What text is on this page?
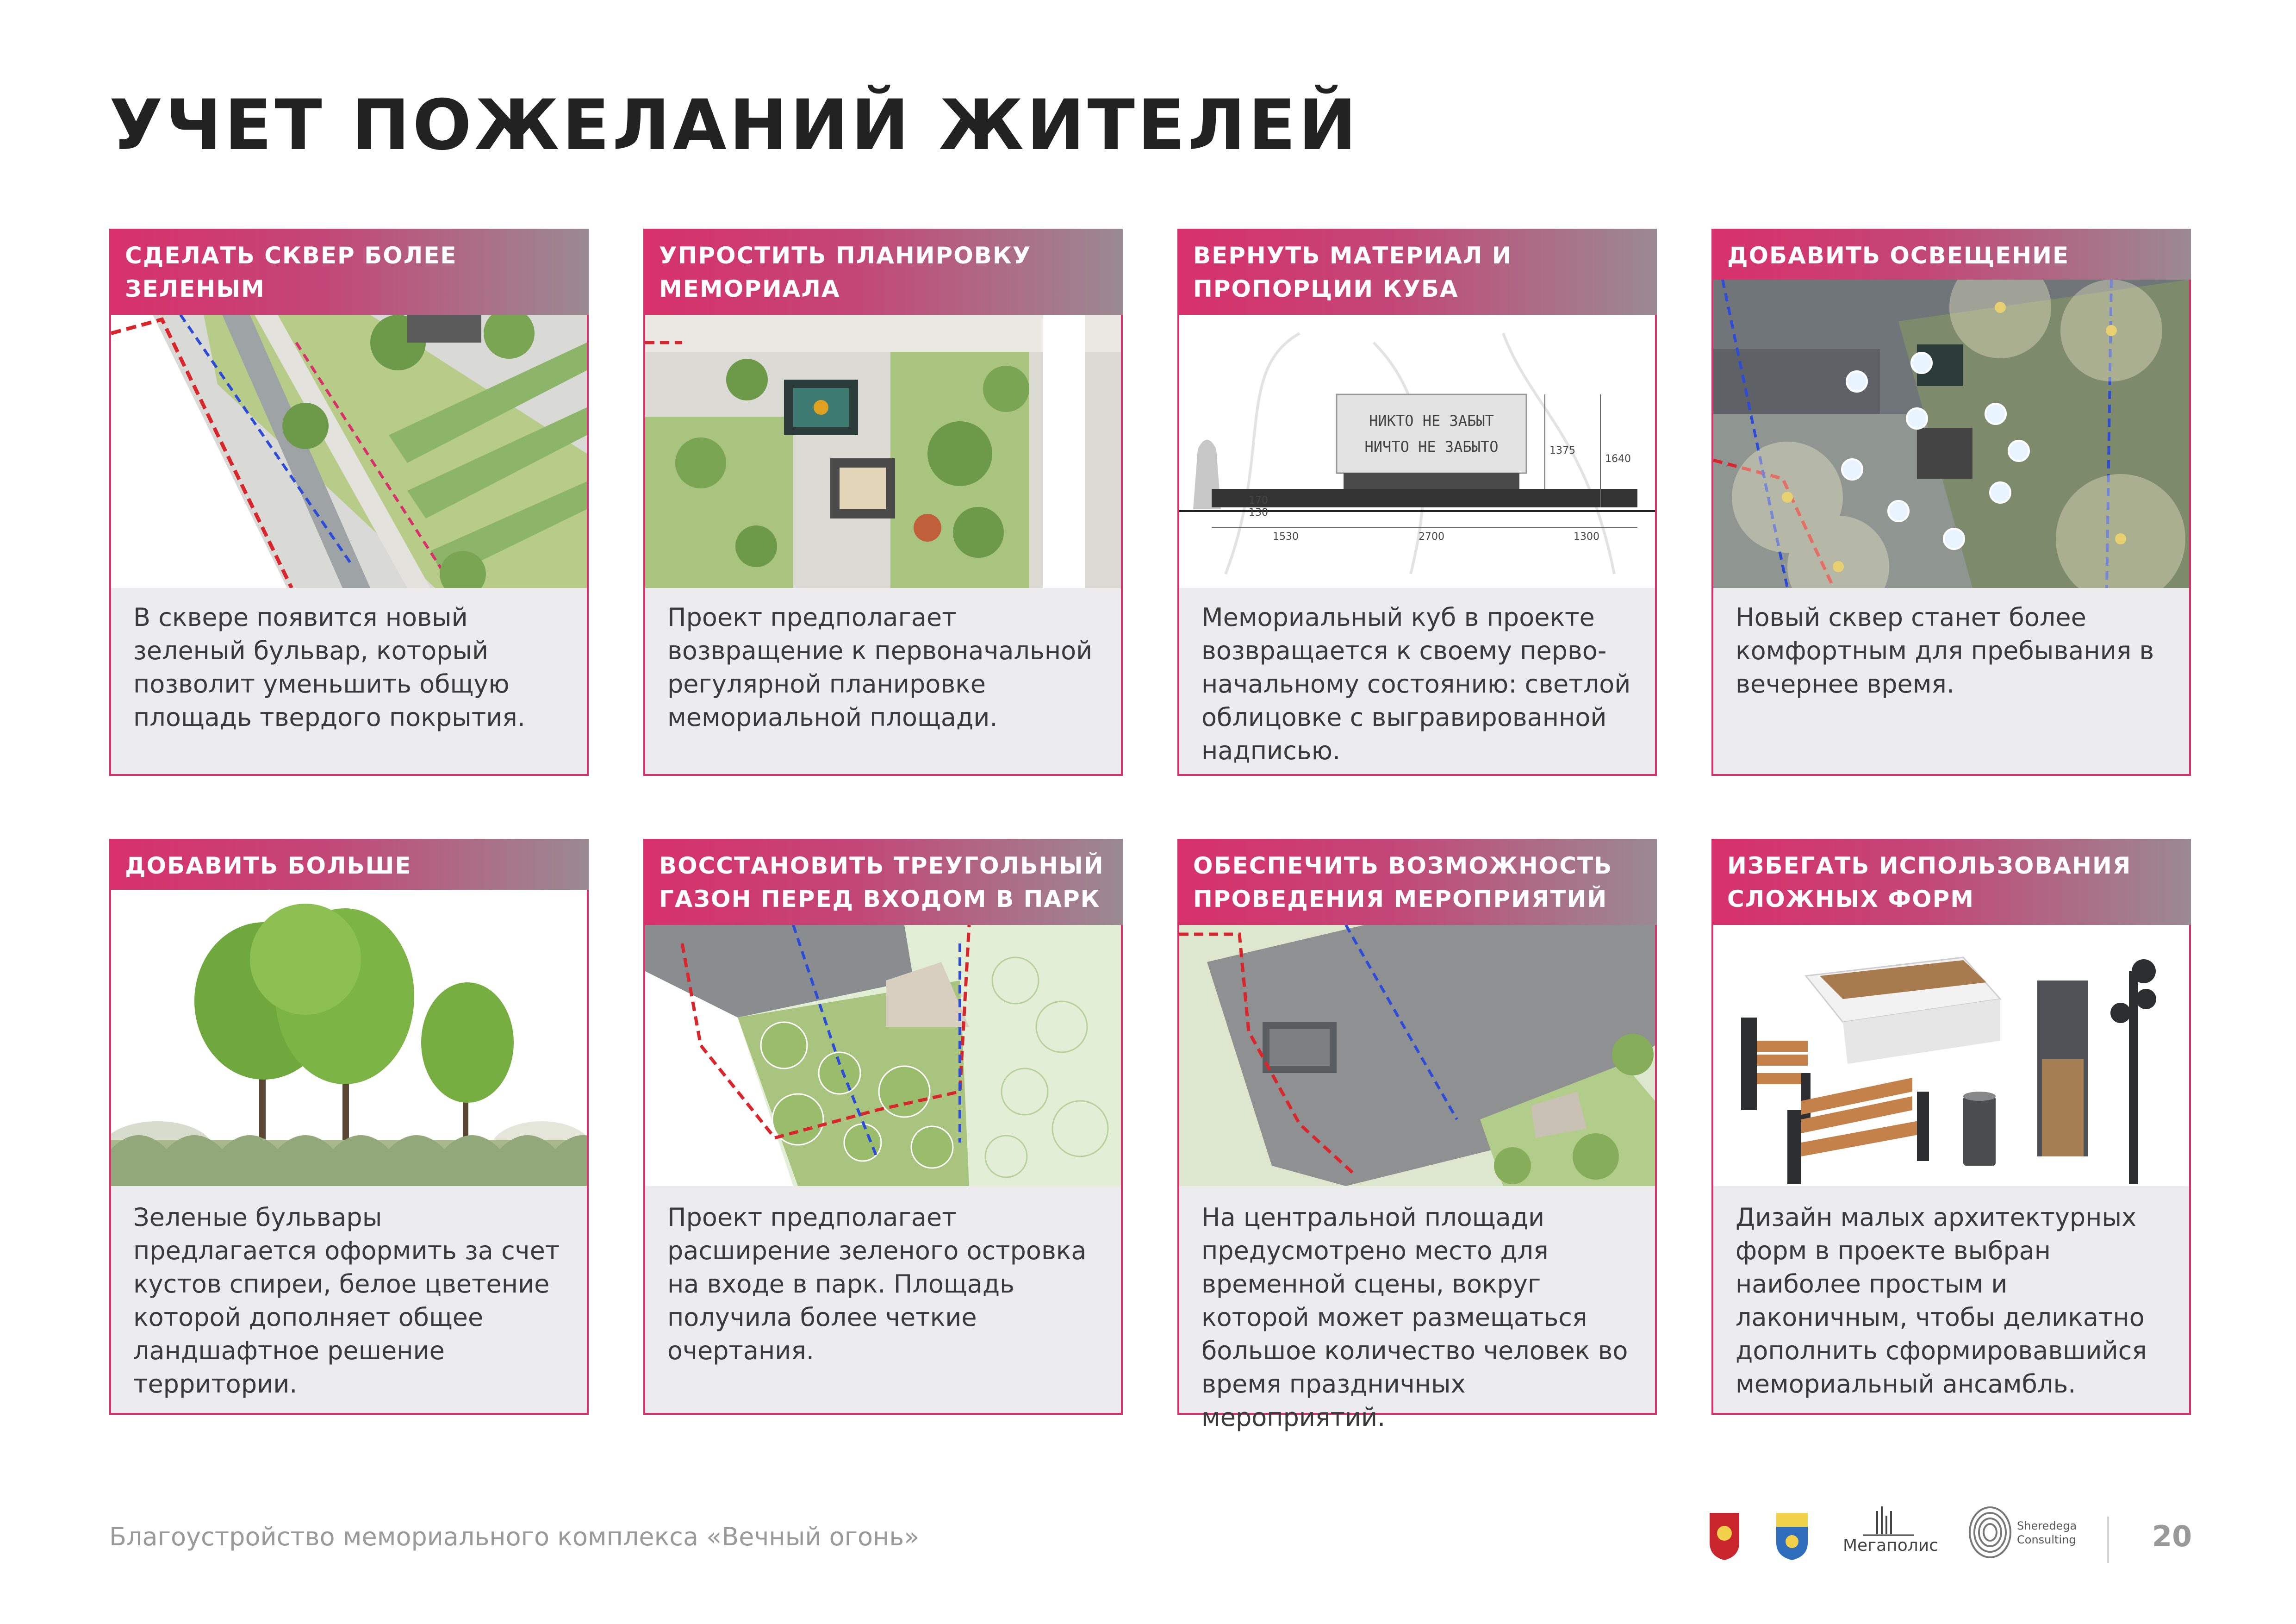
УЧЕТ ПОЖЕЛАНИЙ ЖИТЕЛЕЙ
СДЕЛАТЬ СКВЕР БОЛЕЕ ЗЕЛЕНЫМ
В сквере появится новый зеленый бульвар, который позволит уменьшить общую площадь твердого покрытия.
УПРОСТИТЬ ПЛАНИРОВКУ МЕМОРИАЛА
Проект предполагает возвращение к первоначальной регулярной планировке мемориальной площади.
ВЕРНУТЬ МАТЕРИАЛ И ПРОПОРЦИИ КУБА
НИКТО НЕ ЗАБЫТ
НИЧТО НЕ ЗАБЫТО
1530	2700	1300
1375
1640
170
130
Мемориальный куб в проекте возвращается к своему перво-начальному состоянию: светлой облицовке с выгравированной надписью.
ДОБАВИТЬ ОСВЕЩЕНИЕ
Новый сквер станет более комфортным для пребывания в вечернее время.
ДОБАВИТЬ БОЛЬШЕ
Зеленые бульвары предлагается оформить за счет кустов спиреи, белое цветение которой дополняет общее ландшафтное решение территории.
ВОССТАНОВИТЬ ТРЕУГОЛЬНЫЙ ГАЗОН ПЕРЕД ВХОДОМ В ПАРК
Проект предполагает расширение зеленого островка на входе в парк. Площадь получила более четкие очертания.
ОБЕСПЕЧИТЬ ВОЗМОЖНОСТЬ ПРОВЕДЕНИЯ МЕРОПРИЯТИЙ
На центральной площади предусмотрено место для временной сцены, вокруг которой может размещаться большое количество человек во время праздничных мероприятий.
ИЗБЕГАТЬ ИСПОЛЬЗОВАНИЯ СЛОЖНЫХ ФОРМ
Дизайн малых архитектурных форм в проекте выбран наиболее простым и лаконичным, чтобы деликатно дополнить сформировавшийся мемориальный ансамбль.
Благоустройство мемориального комплекса «Вечный огонь»	Мегаполис
Sheredega
Consulting	20
